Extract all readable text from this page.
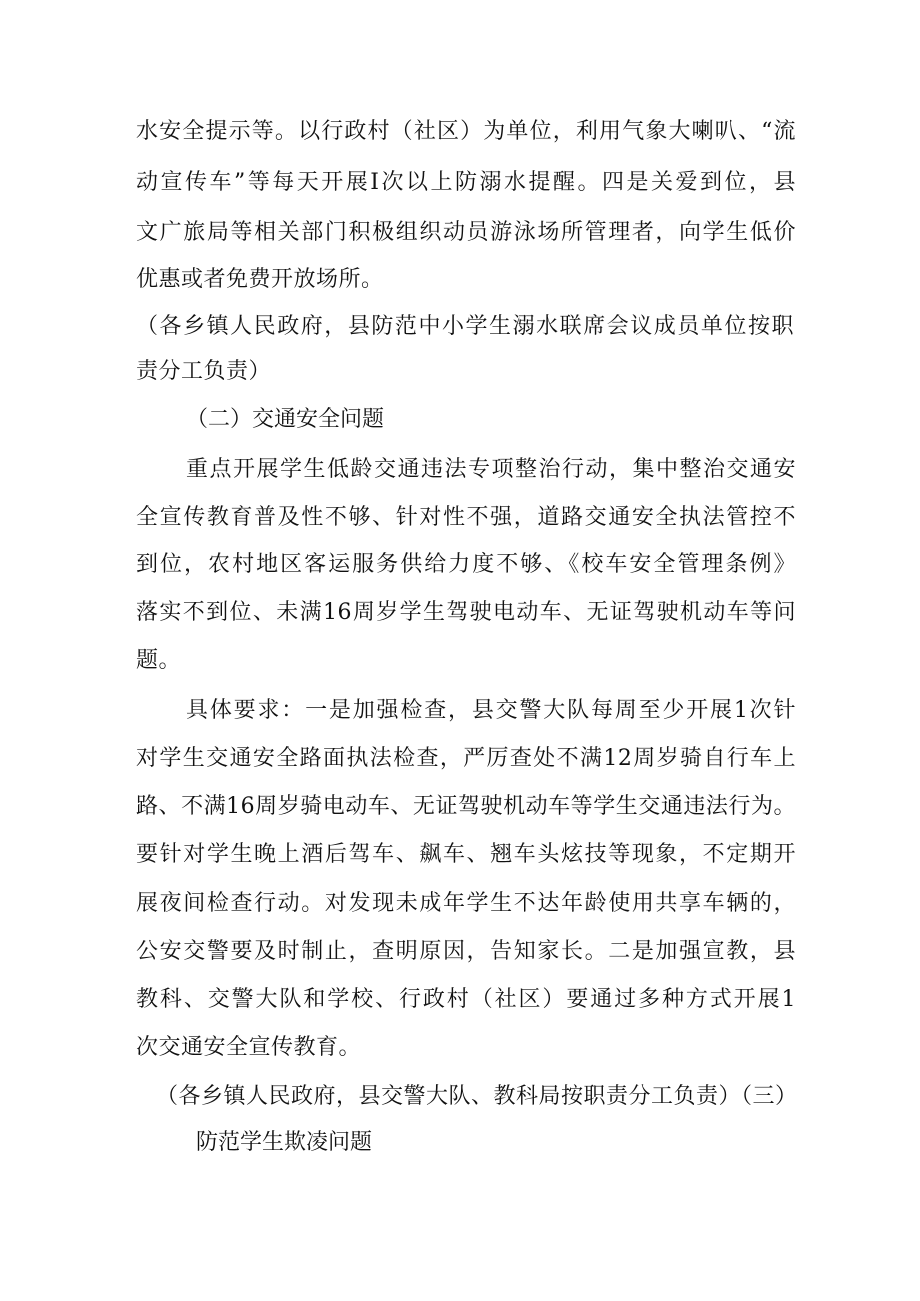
水安全提示等。以行政村（社区）为单位，利用气象大喇叭、“流
动宣传车”等每天开展I次以上防溺水提醒。四是关爱到位，县
文广旅局等相关部门积极组织动员游泳场所管理者，向学生低价
优惠或者免费开放场所。
（各乡镇人民政府，县防范中小学生溺水联席会议成员单位按职
责分工负责）
（二）交通安全问题
重点开展学生低龄交通违法专项整治行动，集中整治交通安
全宣传教育普及性不够、针对性不强，道路交通安全执法管控不
到位，农村地区客运服务供给力度不够、《校车安全管理条例》
落实不到位、未满16周岁学生驾驶电动车、无证驾驶机动车等问
题。
具体要求：一是加强检查，县交警大队每周至少开展1次针
对学生交通安全路面执法检查，严厉查处不满12周岁骑自行车上
路、不满16周岁骑电动车、无证驾驶机动车等学生交通违法行为。
要针对学生晚上酒后驾车、飙车、翘车头炫技等现象，不定期开
展夜间检查行动。对发现未成年学生不达年龄使用共享车辆的，
公安交警要及时制止，查明原因，告知家长。二是加强宣教，县
教科、交警大队和学校、行政村（社区）要通过多种方式开展1
次交通安全宣传教育。
（各乡镇人民政府，县交警大队、教科局按职责分工负责）（三）
防范学生欺凌问题
